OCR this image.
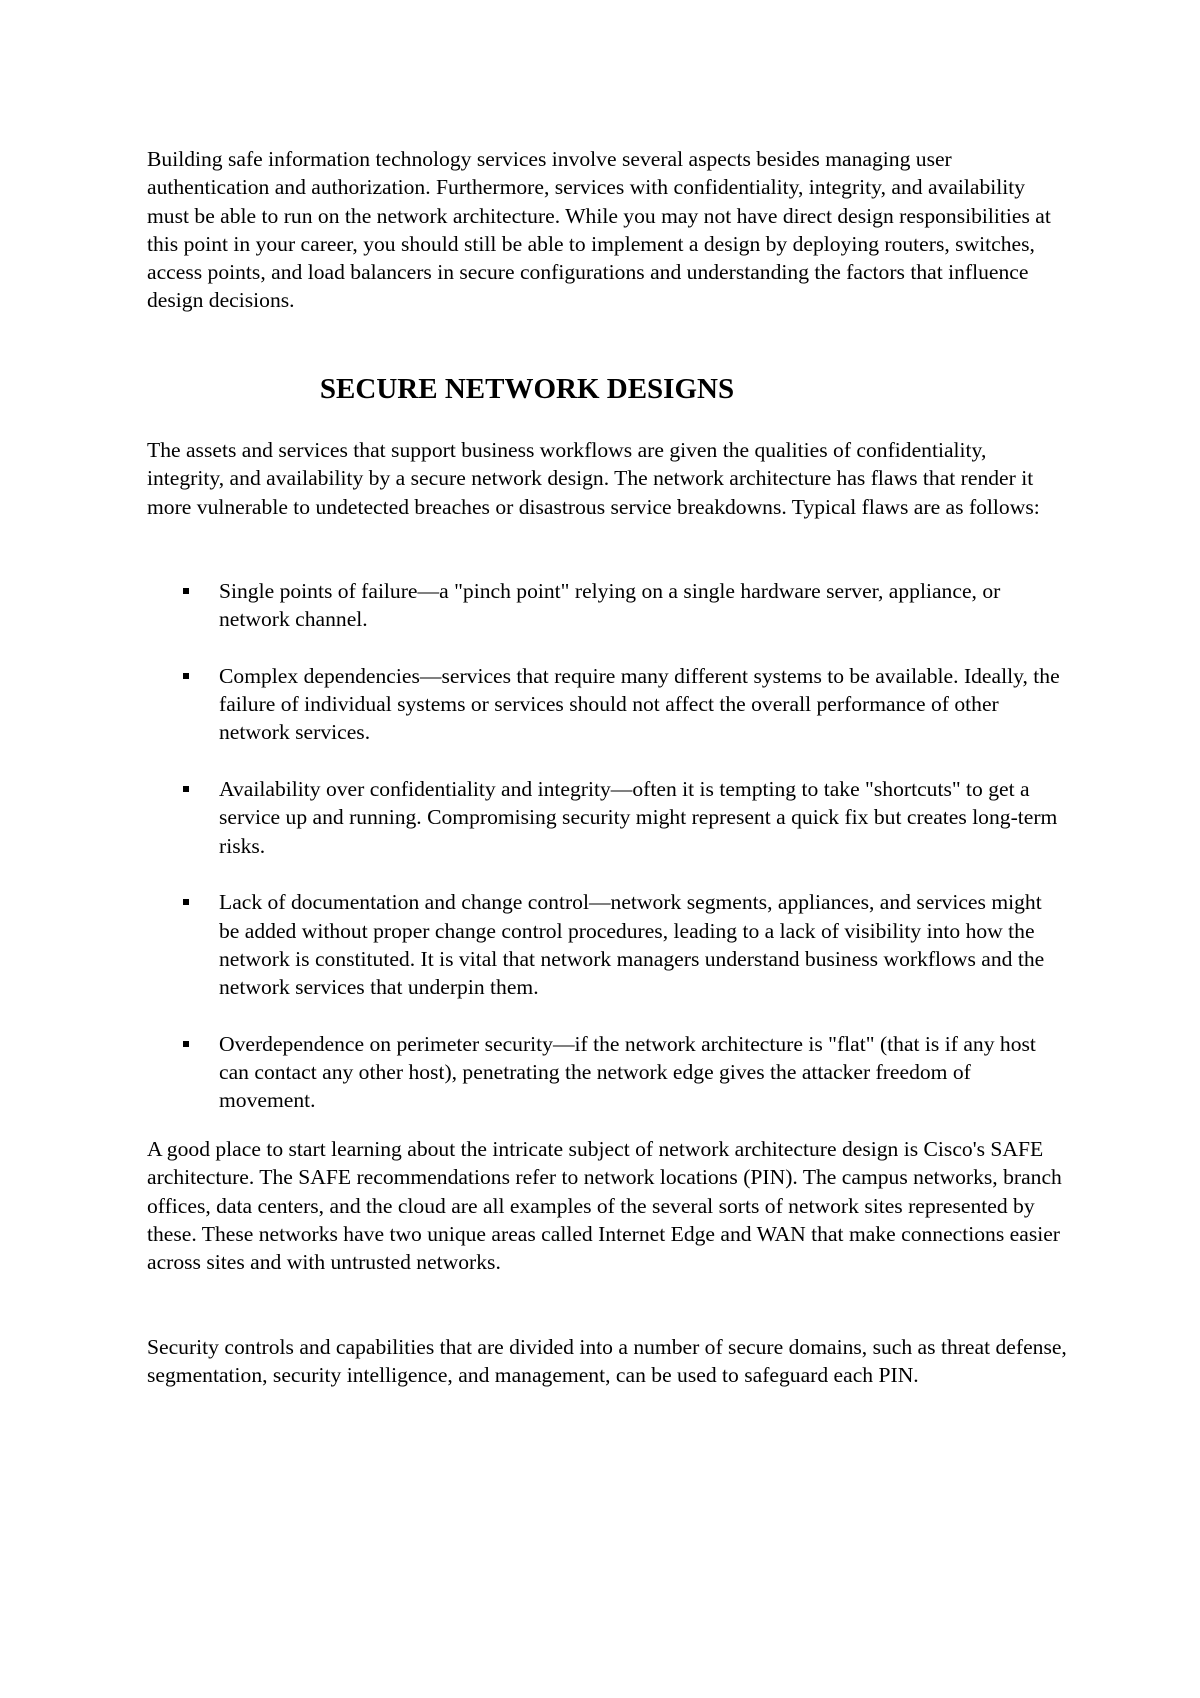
Building safe information technology services involve several aspects besides managing user authentication and authorization. Furthermore, services with confidentiality, integrity, and availability must be able to run on the network architecture. While you may not have direct design responsibilities at this point in your career, you should still be able to implement a design by deploying routers, switches, access points, and load balancers in secure configurations and understanding the factors that influence design decisions.

SECURE NETWORK DESIGNS

The assets and services that support business workflows are given the qualities of confidentiality, integrity, and availability by a secure network design. The network architecture has flaws that render it more vulnerable to undetected breaches or disastrous service breakdowns. Typical flaws are as follows:

Single points of failure—a "pinch point" relying on a single hardware server, appliance, or network channel.
Complex dependencies—services that require many different systems to be available. Ideally, the failure of individual systems or services should not affect the overall performance of other network services.
Availability over confidentiality and integrity—often it is tempting to take "shortcuts" to get a service up and running. Compromising security might represent a quick fix but creates long-term risks.
Lack of documentation and change control—network segments, appliances, and services might be added without proper change control procedures, leading to a lack of visibility into how the network is constituted. It is vital that network managers understand business workflows and the network services that underpin them.
Overdependence on perimeter security—if the network architecture is "flat" (that is if any host can contact any other host), penetrating the network edge gives the attacker freedom of movement.

A good place to start learning about the intricate subject of network architecture design is Cisco's SAFE architecture. The SAFE recommendations refer to network locations (PIN). The campus networks, branch offices, data centers, and the cloud are all examples of the several sorts of network sites represented by these. These networks have two unique areas called Internet Edge and WAN that make connections easier across sites and with untrusted networks.

Security controls and capabilities that are divided into a number of secure domains, such as threat defense, segmentation, security intelligence, and management, can be used to safeguard each PIN.
